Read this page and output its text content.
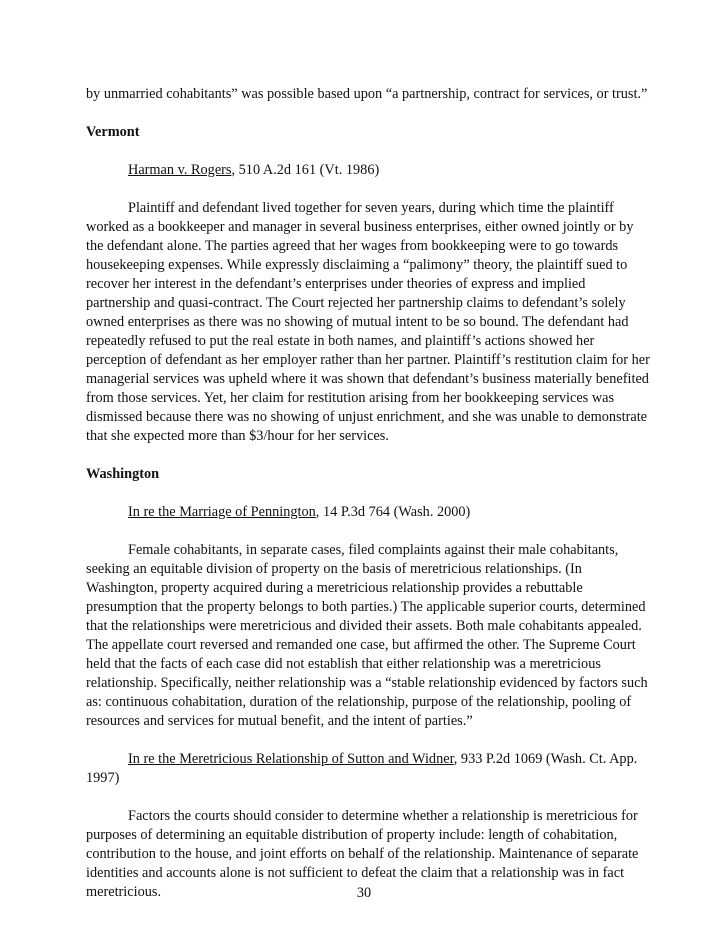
by unmarried cohabitants” was possible based upon “a partnership, contract for services, or trust.”

Vermont

Harman v. Rogers, 510 A.2d 161 (Vt. 1986)

Plaintiff and defendant lived together for seven years, during which time the plaintiff worked as a bookkeeper and manager in several business enterprises, either owned jointly or by the defendant alone. The parties agreed that her wages from bookkeeping were to go towards housekeeping expenses. While expressly disclaiming a “palimony” theory, the plaintiff sued to recover her interest in the defendant’s enterprises under theories of express and implied partnership and quasi-contract. The Court rejected her partnership claims to defendant’s solely owned enterprises as there was no showing of mutual intent to be so bound. The defendant had repeatedly refused to put the real estate in both names, and plaintiff’s actions showed her perception of defendant as her employer rather than her partner. Plaintiff’s restitution claim for her managerial services was upheld where it was shown that defendant’s business materially benefited from those services. Yet, her claim for restitution arising from her bookkeeping services was dismissed because there was no showing of unjust enrichment, and she was unable to demonstrate that she expected more than $3/hour for her services.

Washington

In re the Marriage of Pennington, 14 P.3d 764 (Wash. 2000)

Female cohabitants, in separate cases, filed complaints against their male cohabitants, seeking an equitable division of property on the basis of meretricious relationships. (In Washington, property acquired during a meretricious relationship provides a rebuttable presumption that the property belongs to both parties.) The applicable superior courts, determined that the relationships were meretricious and divided their assets. Both male cohabitants appealed. The appellate court reversed and remanded one case, but affirmed the other. The Supreme Court held that the facts of each case did not establish that either relationship was a meretricious relationship. Specifically, neither relationship was a “stable relationship evidenced by factors such as: continuous cohabitation, duration of the relationship, purpose of the relationship, pooling of resources and services for mutual benefit, and the intent of parties.”

In re the Meretricious Relationship of Sutton and Widner, 933 P.2d 1069 (Wash. Ct. App. 1997)

Factors the courts should consider to determine whether a relationship is meretricious for purposes of determining an equitable distribution of property include: length of cohabitation, contribution to the house, and joint efforts on behalf of the relationship. Maintenance of separate identities and accounts alone is not sufficient to defeat the claim that a relationship was in fact meretricious.	30
